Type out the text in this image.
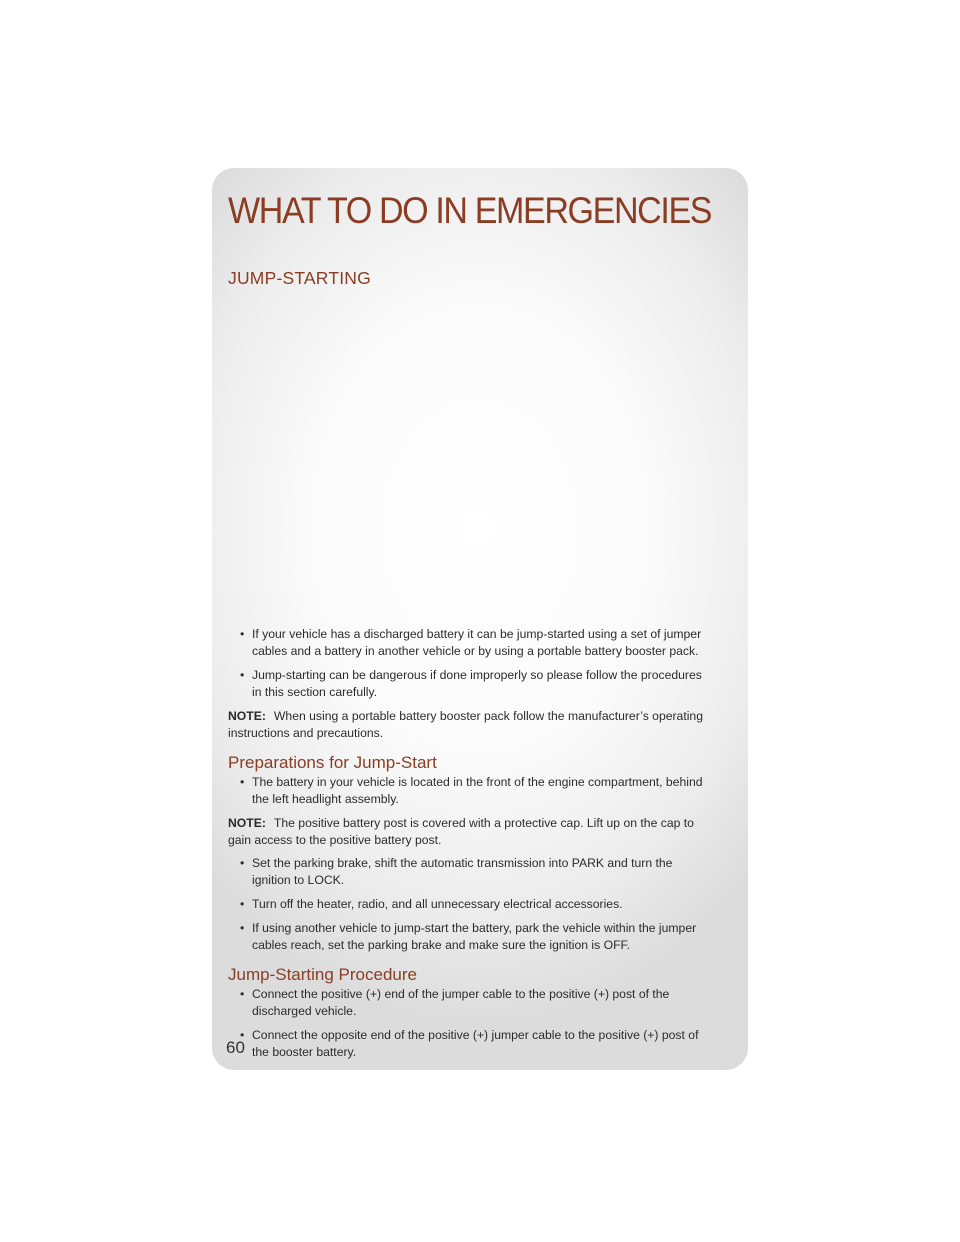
WHAT TO DO IN EMERGENCIES
JUMP-STARTING
• If your vehicle has a discharged battery it can be jump-started using a set of jumper cables and a battery in another vehicle or by using a portable battery booster pack.
• Jump-starting can be dangerous if done improperly so please follow the procedures in this section carefully.

NOTE: When using a portable battery booster pack follow the manufacturer’s operating instructions and precautions.

Preparations for Jump-Start
• The battery in your vehicle is located in the front of the engine compartment, behind the left headlight assembly.

NOTE: The positive battery post is covered with a protective cap. Lift up on the cap to gain access to the positive battery post.

• Set the parking brake, shift the automatic transmission into PARK and turn the ignition to LOCK.
• Turn off the heater, radio, and all unnecessary electrical accessories.
• If using another vehicle to jump-start the battery, park the vehicle within the jumper cables reach, set the parking brake and make sure the ignition is OFF.
Jump-Starting Procedure
• Connect the positive (+) end of the jumper cable to the positive (+) post of the discharged vehicle.
• Connect the opposite end of the positive (+) jumper cable to the positive (+) post of the booster battery.
60
